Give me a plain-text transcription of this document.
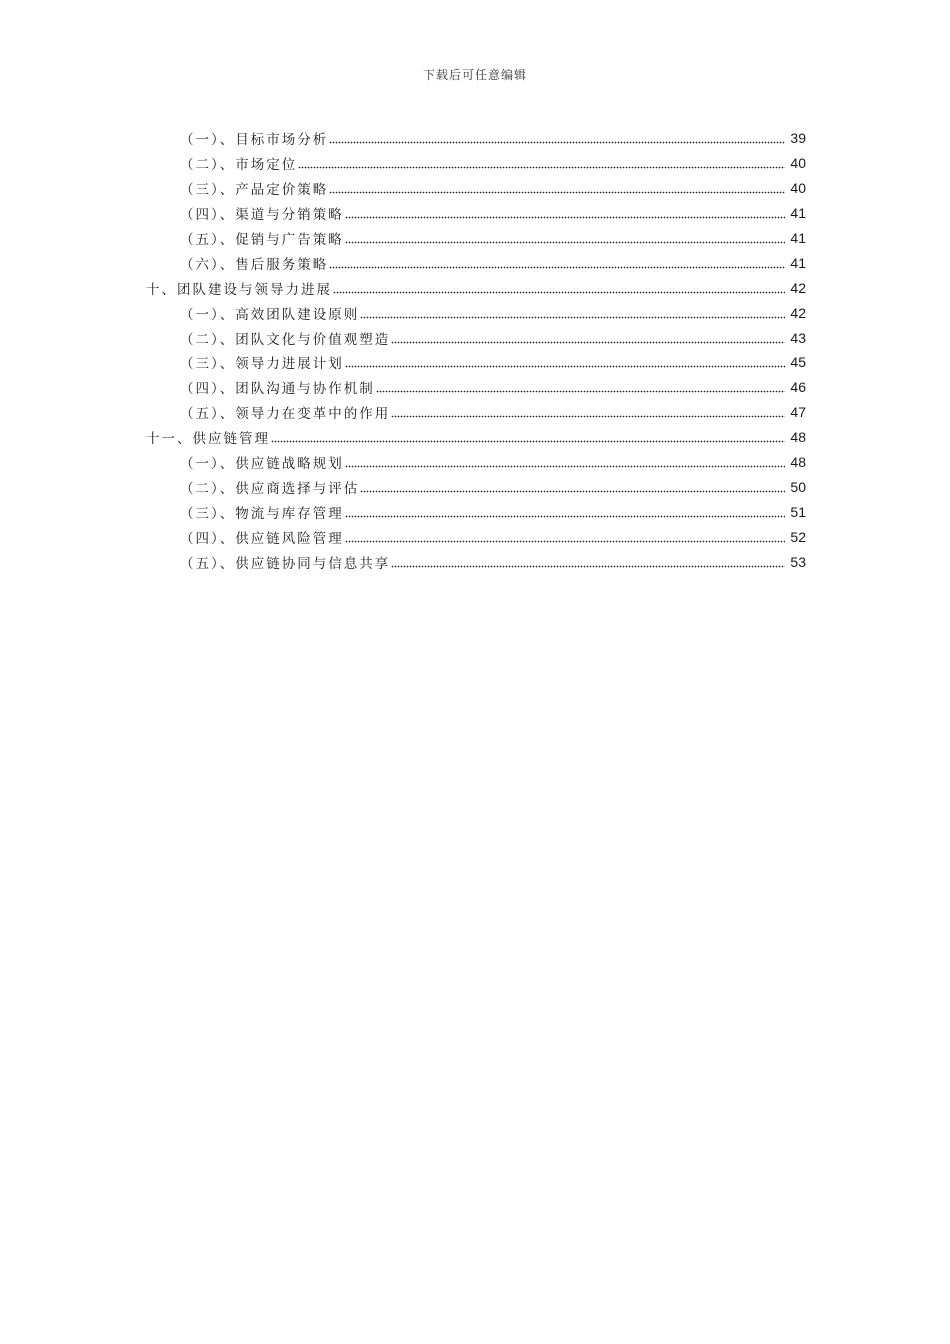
下载后可任意编辑
（一）、目标市场分析	39
（二）、市场定位	40
（三）、产品定价策略	40
（四）、渠道与分销策略	41
（五）、促销与广告策略	41
（六）、售后服务策略	41
十、团队建设与领导力进展	42
（一）、高效团队建设原则	42
（二）、团队文化与价值观塑造	43
（三）、领导力进展计划	45
（四）、团队沟通与协作机制	46
（五）、领导力在变革中的作用	47
十一、供应链管理	48
（一）、供应链战略规划	48
（二）、供应商选择与评估	50
（三）、物流与库存管理	51
（四）、供应链风险管理	52
（五）、供应链协同与信息共享	53
